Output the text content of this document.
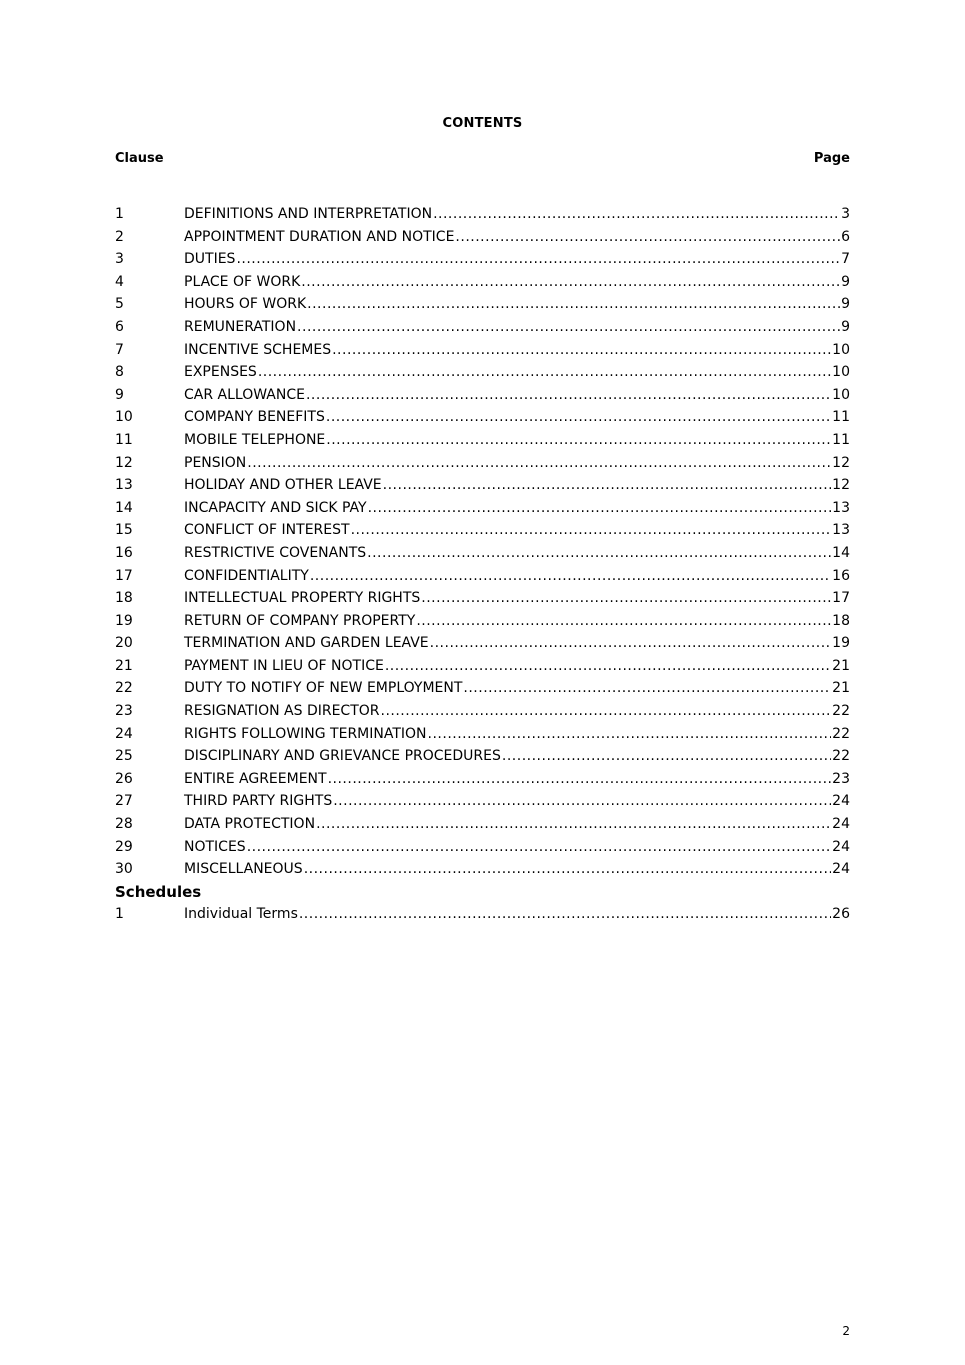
CONTENTS
Clause	Page
1	DEFINITIONS AND INTERPRETATION .....	3
2	APPOINTMENT DURATION AND NOTICE .....	6
3	DUTIES .....	7
4	PLACE OF WORK .....	9
5	HOURS OF WORK .....	9
6	REMUNERATION .....	9
7	INCENTIVE SCHEMES .....	10
8	EXPENSES .....	10
9	CAR ALLOWANCE .....	10
10	COMPANY BENEFITS .....	11
11	MOBILE TELEPHONE .....	11
12	PENSION .....	12
13	HOLIDAY AND OTHER LEAVE .....	12
14	INCAPACITY AND SICK PAY .....	13
15	CONFLICT OF INTEREST .....	13
16	RESTRICTIVE COVENANTS .....	14
17	CONFIDENTIALITY .....	16
18	INTELLECTUAL PROPERTY RIGHTS .....	17
19	RETURN OF COMPANY PROPERTY .....	18
20	TERMINATION AND GARDEN LEAVE .....	19
21	PAYMENT IN LIEU OF NOTICE .....	21
22	DUTY TO NOTIFY OF NEW EMPLOYMENT .....	21
23	RESIGNATION AS DIRECTOR .....	22
24	RIGHTS FOLLOWING TERMINATION .....	22
25	DISCIPLINARY AND GRIEVANCE PROCEDURES .....	22
26	ENTIRE AGREEMENT .....	23
27	THIRD PARTY RIGHTS .....	24
28	DATA PROTECTION .....	24
29	NOTICES .....	24
30	MISCELLANEOUS .....	24
Schedules
1	Individual Terms .....	26
2
